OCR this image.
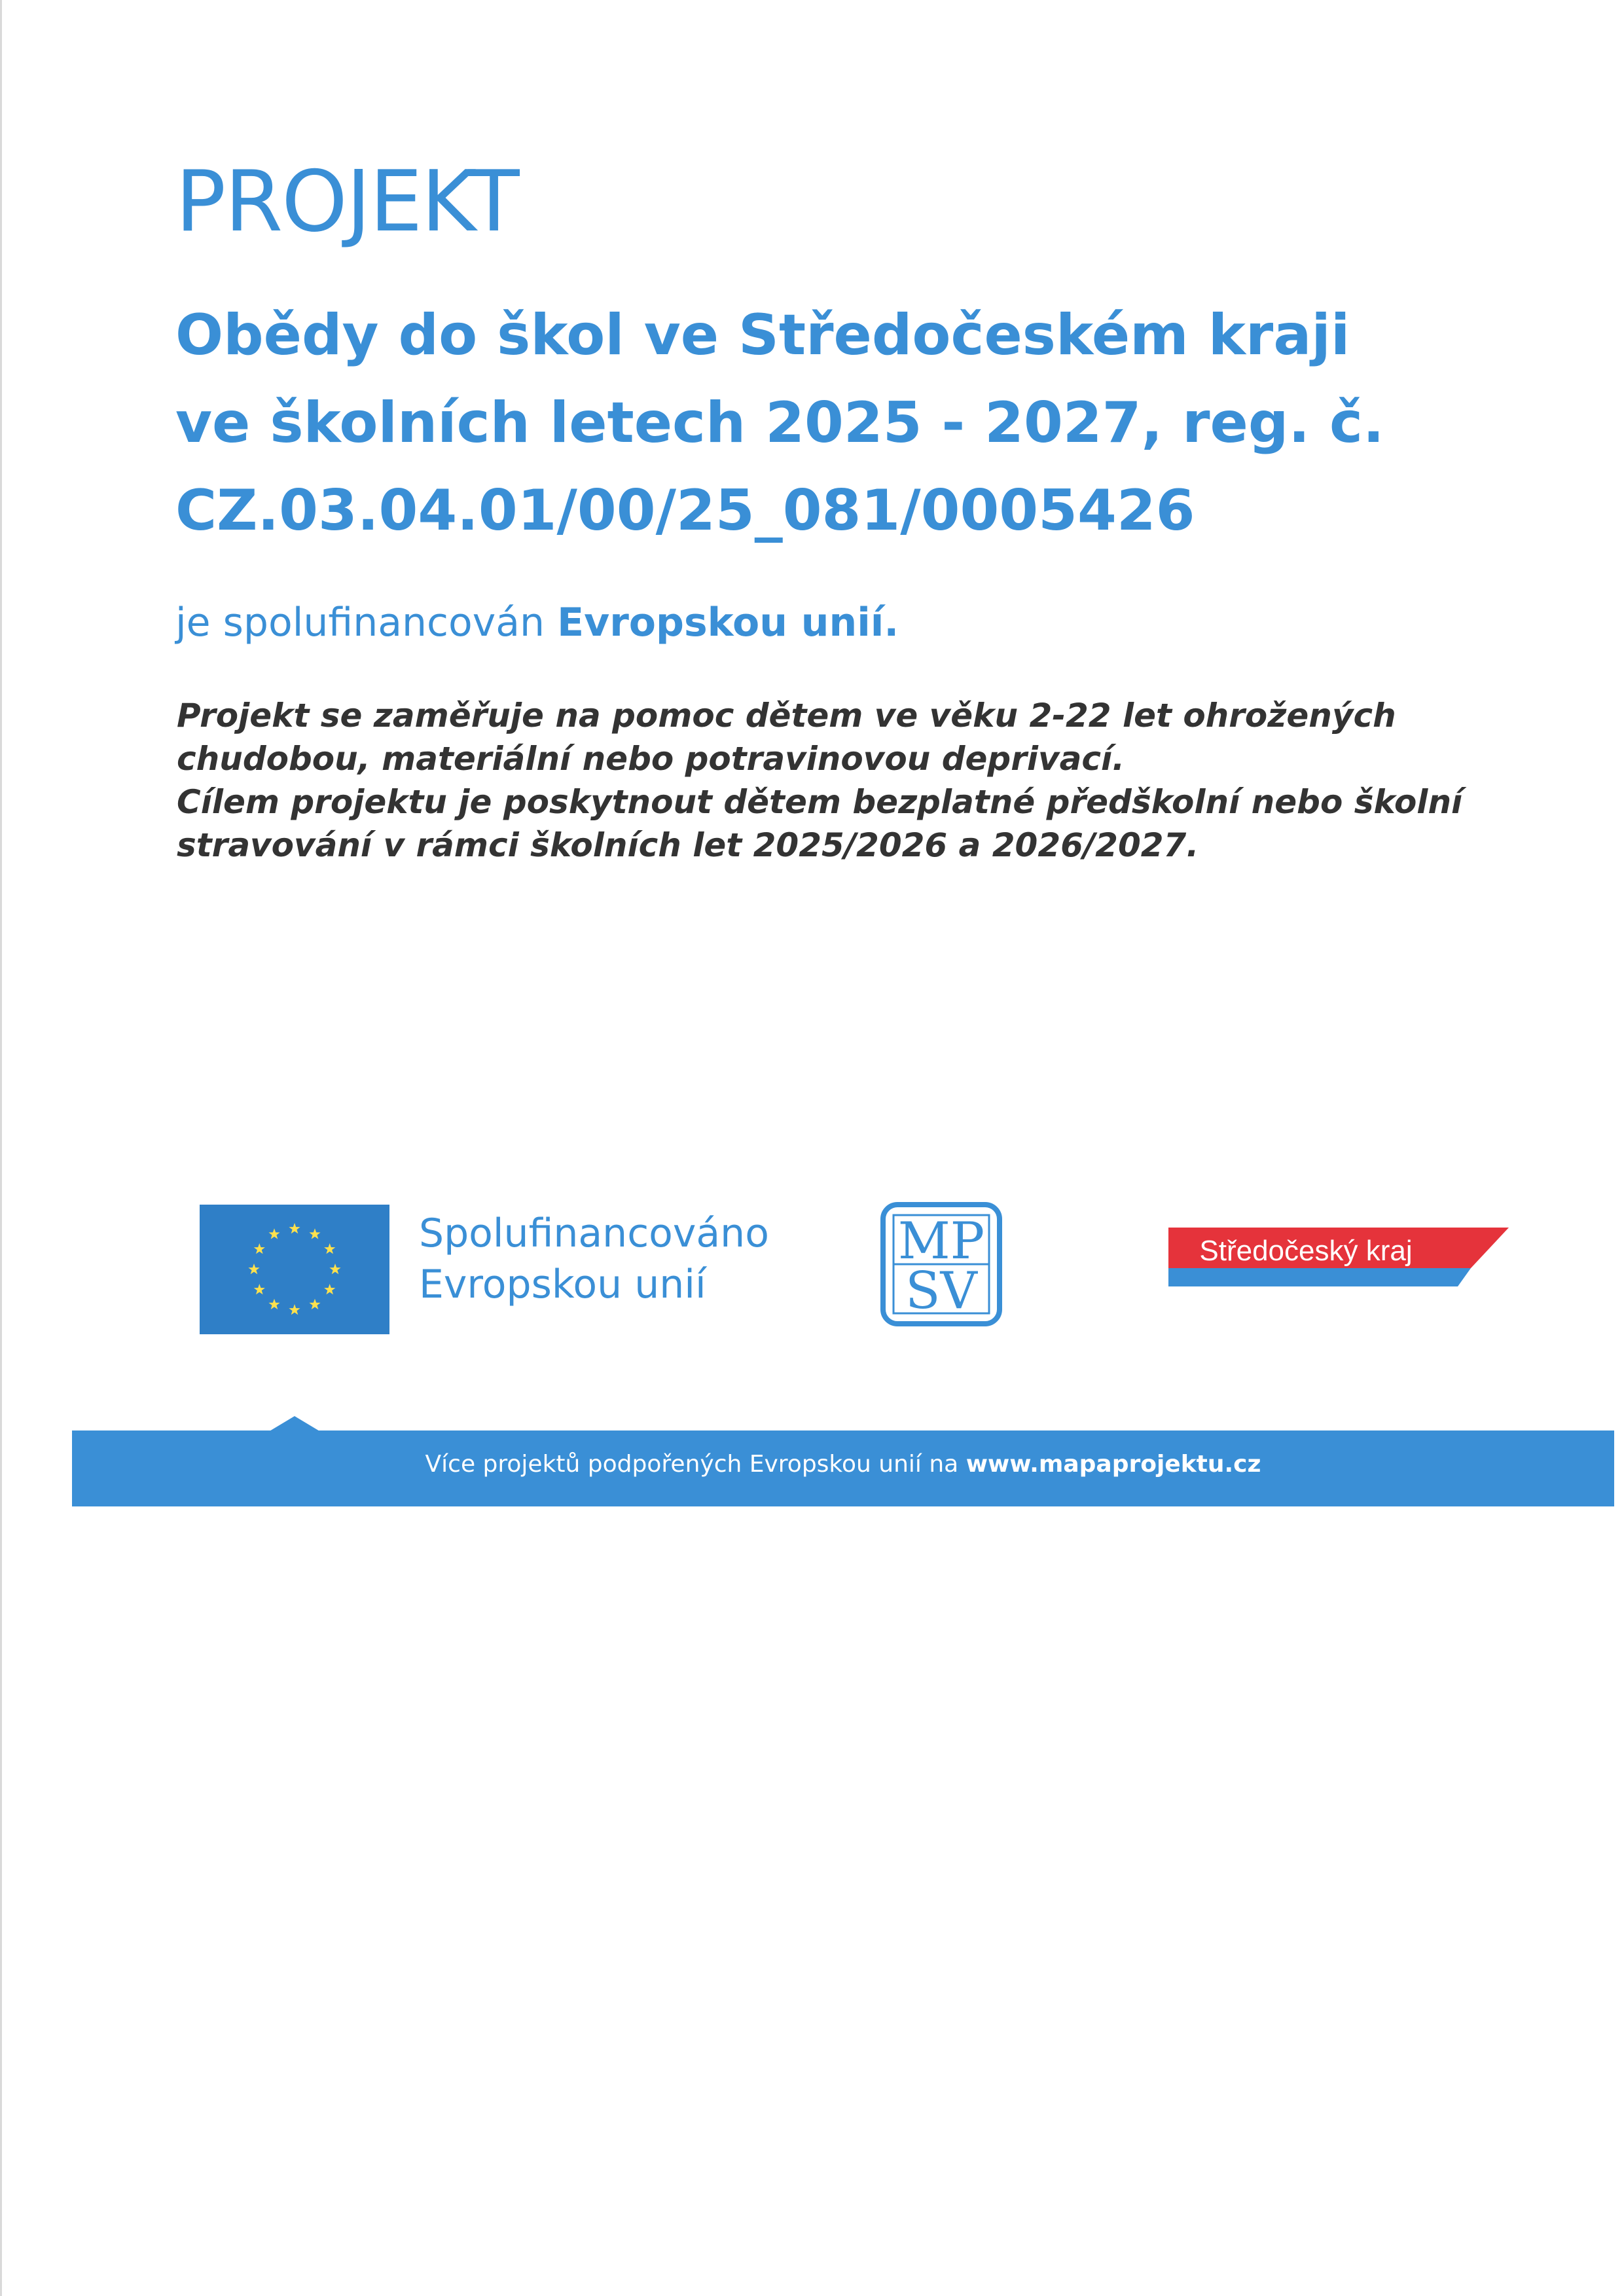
PROJEKT
Obědy do škol ve Středočeském kraji
ve školních letech 2025 - 2027, reg. č.
CZ.03.04.01/00/25_081/0005426

je spolufinancován Evropskou unií.

Projekt se zaměřuje na pomoc dětem ve věku 2-22 let ohrožených
chudobou, materiální nebo potravinovou deprivací.
Cílem projektu je poskytnout dětem bezplatné předškolní nebo školní
stravování v rámci školních let 2025/2026 a 2026/2027.

Spolufinancováno
Evropskou unií
MP
SV
Středočeský kraj
Více projektů podpořených Evropskou unií na www.mapaprojektu.cz
